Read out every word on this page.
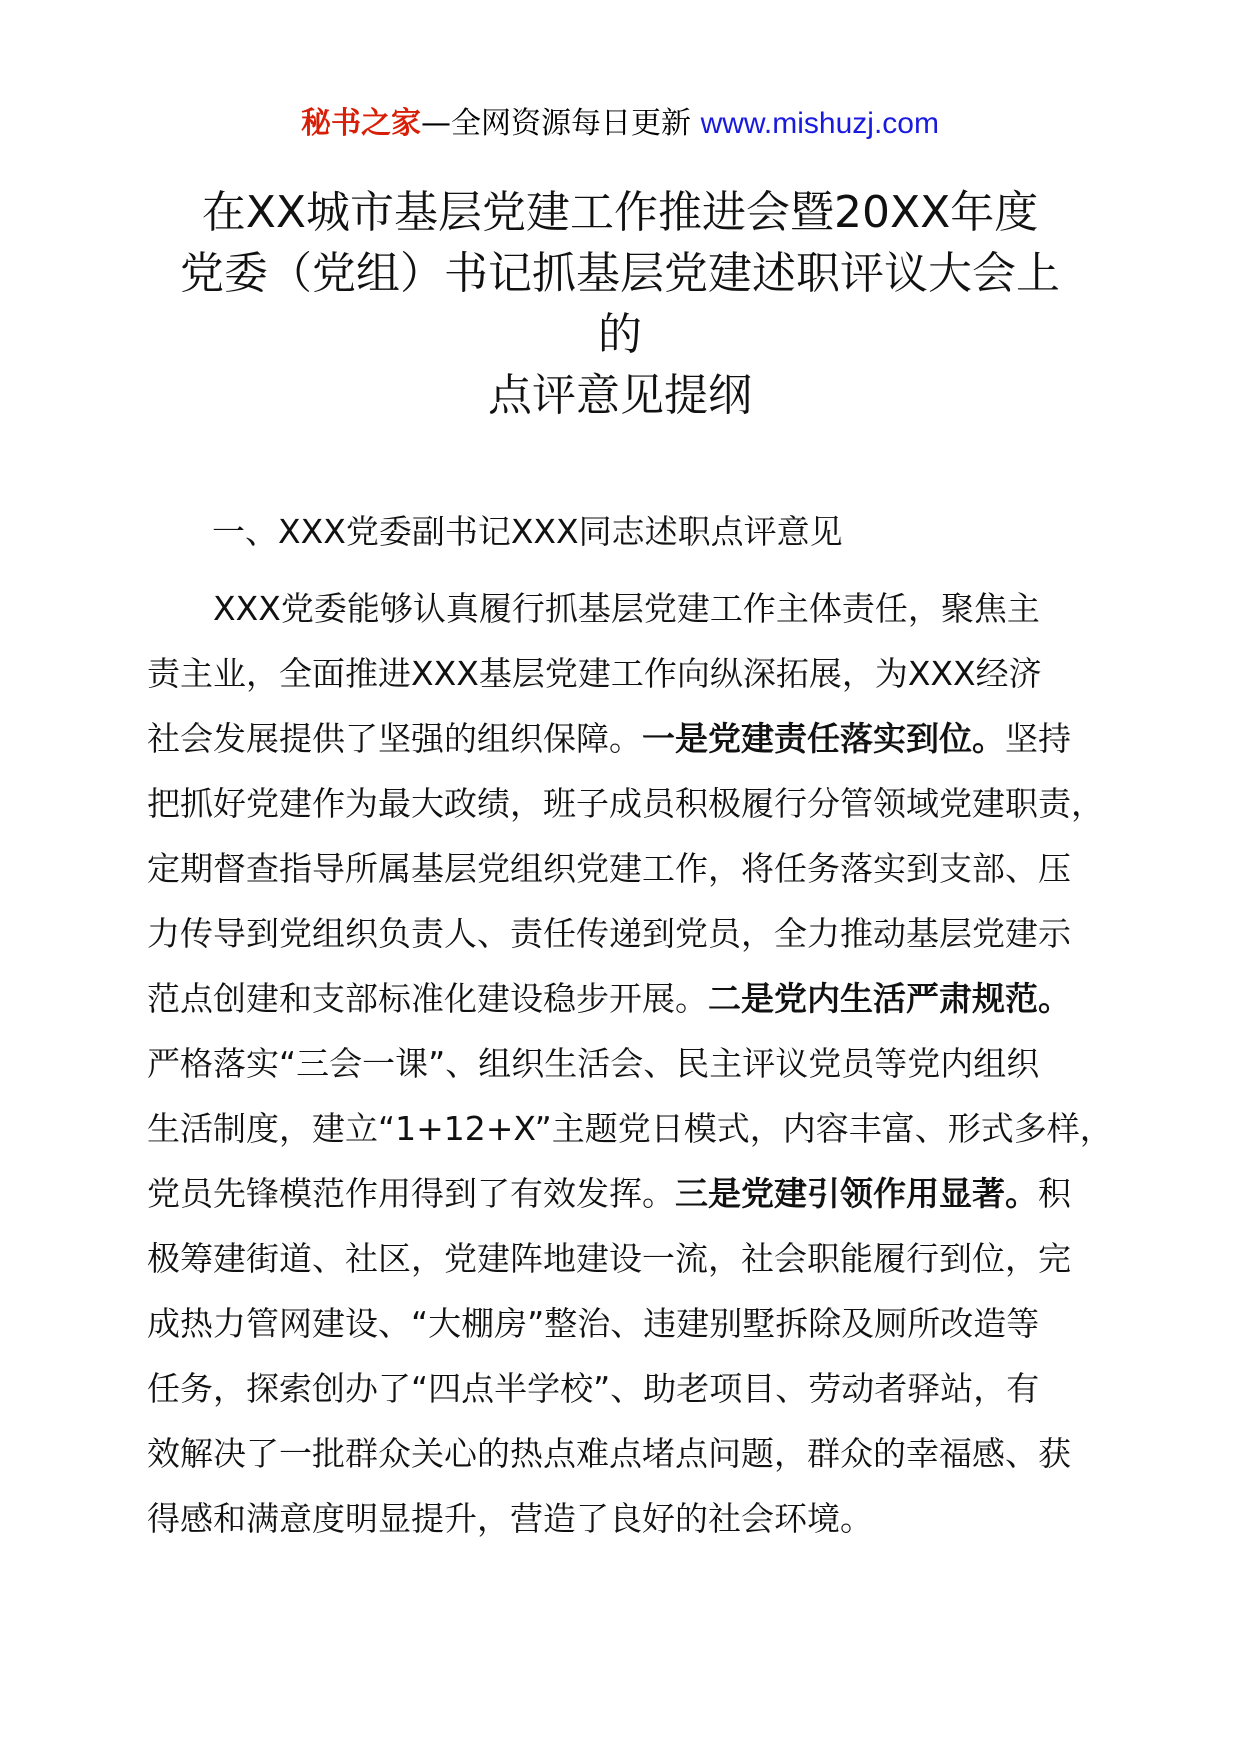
秘书之家—全网资源每日更新 www.mishuzj.com
在XX城市基层党建工作推进会暨20XX年度
党委（党组）书记抓基层党建述职评议大会上
的
点评意见提纲
一、XXX党委副书记XXX同志述职点评意见
XXX党委能够认真履行抓基层党建工作主体责任，聚焦主
责主业，全面推进XXX基层党建工作向纵深拓展，为XXX经济
社会发展提供了坚强的组织保障。一是党建责任落实到位。坚持
把抓好党建作为最大政绩，班子成员积极履行分管领域党建职责，
定期督查指导所属基层党组织党建工作，将任务落实到支部、压
力传导到党组织负责人、责任传递到党员，全力推动基层党建示
范点创建和支部标准化建设稳步开展。二是党内生活严肃规范。
严格落实“三会一课”、组织生活会、民主评议党员等党内组织
生活制度，建立“1+12+X”主题党日模式，内容丰富、形式多样，
党员先锋模范作用得到了有效发挥。三是党建引领作用显著。积
极筹建街道、社区，党建阵地建设一流，社会职能履行到位，完
成热力管网建设、“大棚房”整治、违建别墅拆除及厕所改造等
任务，探索创办了“四点半学校”、助老项目、劳动者驿站，有
效解决了一批群众关心的热点难点堵点问题，群众的幸福感、获
得感和满意度明显提升，营造了良好的社会环境。
